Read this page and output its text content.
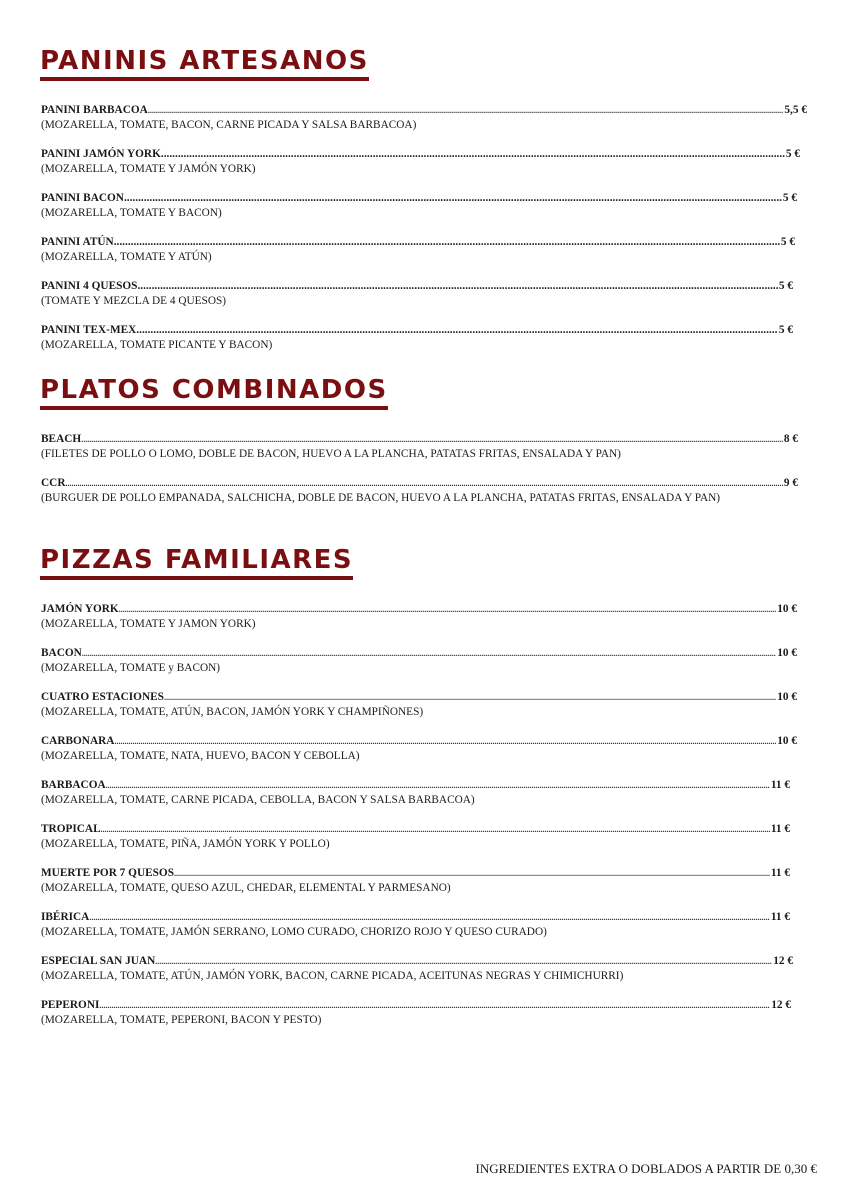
PANINIS ARTESANOS
PANINI BARBACOA .....	5,5 €
(MOZARELLA, TOMATE, BACON, CARNE PICADA Y SALSA BARBACOA)
PANINI JAMÓN YORK .....	5 €
(MOZARELLA, TOMATE Y JAMÓN YORK)
PANINI BACON .....	5 €
(MOZARELLA, TOMATE Y BACON)
PANINI ATÚN .....	5 €
(MOZARELLA, TOMATE Y ATÚN)
PANINI 4 QUESOS .....	5 €
(TOMATE Y MEZCLA DE 4 QUESOS)
PANINI TEX-MEX .....	5 €
(MOZARELLA, TOMATE PICANTE Y BACON)
PLATOS COMBINADOS
BEACH .....	8 €
(FILETES DE POLLO O LOMO, DOBLE DE BACON, HUEVO A LA PLANCHA, PATATAS FRITAS, ENSALADA Y PAN)
CCR .....	9 €
(BURGUER DE POLLO EMPANADA, SALCHICHA, DOBLE DE BACON, HUEVO A LA PLANCHA, PATATAS FRITAS, ENSALADA Y PAN)
PIZZAS FAMILIARES
JAMÓN YORK .....	10 €
(MOZARELLA, TOMATE Y JAMON YORK)
BACON .....	10 €
(MOZARELLA, TOMATE y BACON)
CUATRO ESTACIONES .....	10 €
(MOZARELLA, TOMATE, ATÚN, BACON, JAMÓN YORK Y CHAMPIÑONES)
CARBONARA .....	10 €
(MOZARELLA, TOMATE, NATA, HUEVO, BACON Y CEBOLLA)
BARBACOA .....	11 €
(MOZARELLA, TOMATE, CARNE PICADA, CEBOLLA, BACON Y SALSA BARBACOA)
TROPICAL .....	11 €
(MOZARELLA, TOMATE, PIÑA, JAMÓN YORK Y POLLO)
MUERTE POR 7 QUESOS .....	11 €
(MOZARELLA, TOMATE, QUESO AZUL, CHEDAR, ELEMENTAL Y PARMESANO)
IBÉRICA .....	11 €
(MOZARELLA, TOMATE, JAMÓN SERRANO, LOMO CURADO, CHORIZO ROJO Y QUESO CURADO)
ESPECIAL SAN JUAN .....	12 €
(MOZARELLA, TOMATE, ATÚN, JAMÓN YORK, BACON, CARNE PICADA, ACEITUNAS NEGRAS Y CHIMICHURRI)
PEPERONI .....	12 €
(MOZARELLA, TOMATE, PEPERONI, BACON Y PESTO)
INGREDIENTES EXTRA O DOBLADOS A PARTIR DE 0,30 €
